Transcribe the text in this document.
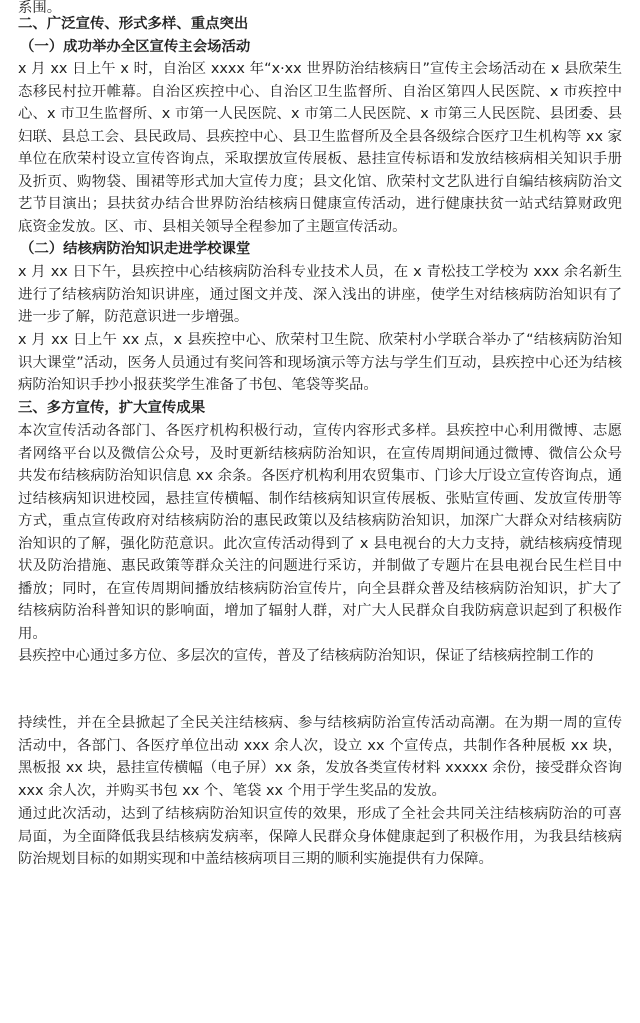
系围。
二、广泛宣传、形式多样、重点突出
（一）成功举办全区宣传主会场活动

x 月 xx 日上午 x 时，自治区 xxxx 年“x·xx 世界防治结核病日”宣传主会场活动在 x 县欣荣生态移民村拉开帷幕。自治区疾控中心、自治区卫生监督所、自治区第四人民医院、x 市疾控中心、x 市卫生监督所、x 市第一人民医院、x 市第二人民医院、x 市第三人民医院、县团委、县妇联、县总工会、县民政局、县疾控中心、县卫生监督所及全县各级综合医疗卫生机构等 xx 家单位在欣荣村设立宣传咨询点，采取摆放宣传展板、悬挂宣传标语和发放结核病相关知识手册及折页、购物袋、围裙等形式加大宣传力度；县文化馆、欣荣村文艺队进行自编结核病防治文艺节目演出；县扶贫办结合世界防治结核病日健康宣传活动，进行健康扶贫一站式结算财政兜底资金发放。区、市、县相关领导全程参加了主题宣传活动。

（二）结核病防治知识走进学校课堂

x 月 xx 日下午，县疾控中心结核病防治科专业技术人员，在 x 青松技工学校为 xxx 余名新生进行了结核病防治知识讲座，通过图文并茂、深入浅出的讲座，使学生对结核病防治知识有了进一步了解，防范意识进一步增强。

x 月 xx 日上午 xx 点，x 县疾控中心、欣荣村卫生院、欣荣村小学联合举办了“结核病防治知识大课堂”活动，医务人员通过有奖问答和现场演示等方法与学生们互动，县疾控中心还为结核病防治知识手抄小报获奖学生准备了书包、笔袋等奖品。

三、多方宣传，扩大宣传成果

本次宣传活动各部门、各医疗机构积极行动，宣传内容形式多样。县疾控中心利用微博、志愿者网络平台以及微信公众号，及时更新结核病防治知识，在宣传周期间通过微博、微信公众号共发布结核病防治知识信息 xx 余条。各医疗机构利用农贸集市、门诊大厅设立宣传咨询点，通过结核病知识进校园，悬挂宣传横幅、制作结核病知识宣传展板、张贴宣传画、发放宣传册等方式，重点宣传政府对结核病防治的惠民政策以及结核病防治知识，加深广大群众对结核病防治知识的了解，强化防范意识。此次宣传活动得到了 x 县电视台的大力支持，就结核病疫情现状及防治措施、惠民政策等群众关注的问题进行采访，并制做了专题片在县电视台民生栏目中播放；同时，在宣传周期间播放结核病防治宣传片，向全县群众普及结核病防治知识，扩大了结核病防治科普知识的影响面，增加了辐射人群，对广大人民群众自我防病意识起到了积极作用。

县疾控中心通过多方位、多层次的宣传，普及了结核病防治知识，保证了结核病控制工作的

持续性，并在全县掀起了全民关注结核病、参与结核病防治宣传活动高潮。在为期一周的宣传活动中，各部门、各医疗单位出动 xxx 余人次，设立 xx 个宣传点，共制作各种展板 xx 块，黑板报 xx 块，悬挂宣传横幅（电子屏）xx 条，发放各类宣传材料 xxxxx 余份，接受群众咨询 xxx 余人次，并购买书包 xx 个、笔袋 xx 个用于学生奖品的发放。

通过此次活动，达到了结核病防治知识宣传的效果，形成了全社会共同关注结核病防治的可喜局面，为全面降低我县结核病发病率，保障人民群众身体健康起到了积极作用，为我县结核病防治规划目标的如期实现和中盖结核病项目三期的顺利实施提供有力保障。
